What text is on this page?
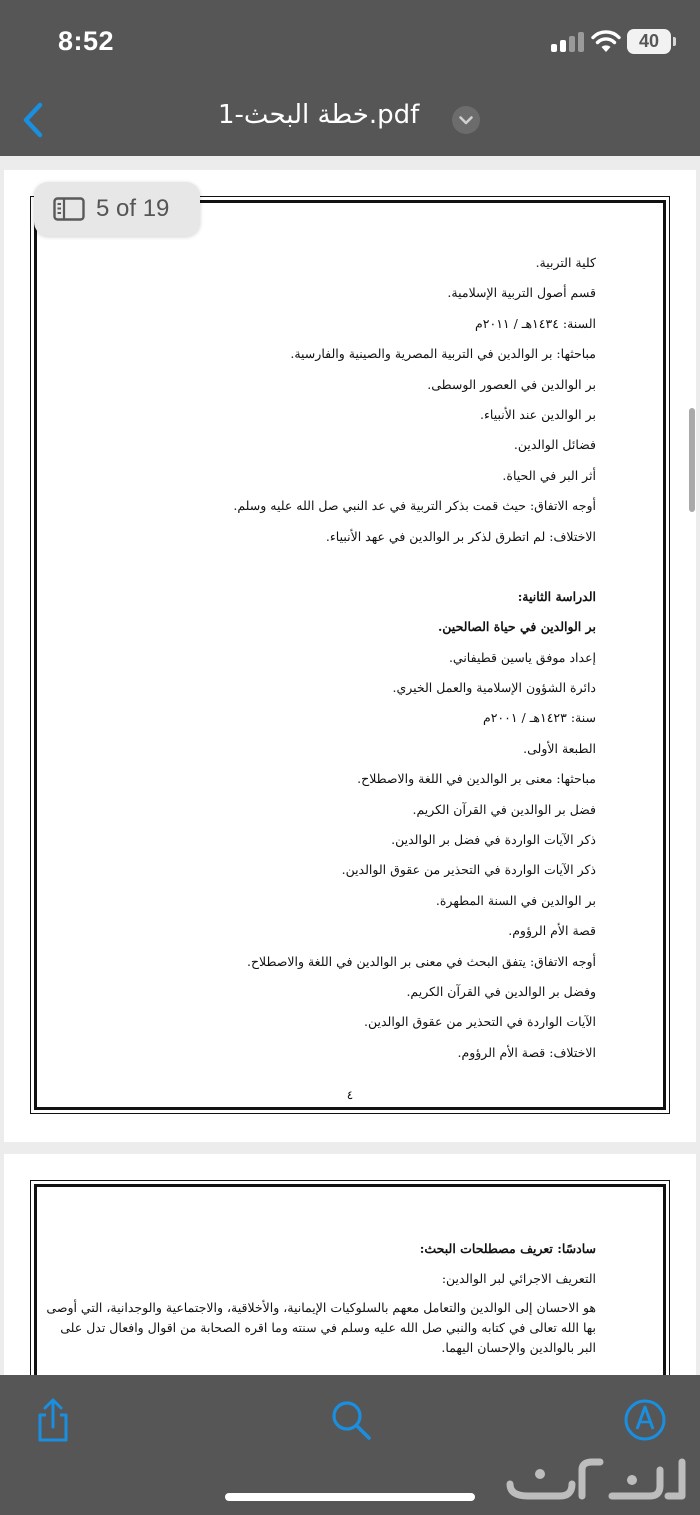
8:52	40
خطة البحث-1.pdf
كلية التربية.
قسم أصول التربية الإسلامية.
السنة: ١٤٣٤هـ / ٢٠١١م
مباحثها: بر الوالدين في التربية المصرية والصينية والفارسية.
بر الوالدين في العصور الوسطى.
بر الوالدين عند الأنبياء.
فضائل الوالدين.
أثر البر في الحياة.
أوجه الاتفاق: حيث قمت بذكر التربية في عد النبي صل الله عليه وسلم.
الاختلاف: لم اتطرق لذكر بر الوالدين في عهد الأنبياء.
الدراسة الثانية:
بر الوالدين في حياة الصالحين.
إعداد موفق ياسين قطيفاني.
دائرة الشؤون الإسلامية والعمل الخيري.
سنة: ١٤٢٣هـ / ٢٠٠١م
الطبعة الأولى.
مباحثها: معنى بر الوالدين في اللغة والاصطلاح.
فضل بر الوالدين في القرآن الكريم.
ذكر الآيات الواردة في فضل بر الوالدين.
ذكر الآيات الواردة في التحذير من عقوق الوالدين.
بر الوالدين في السنة المطهرة.
قصة الأم الرؤوم.
أوجه الاتفاق: يتفق البحث في معنى بر الوالدين في اللغة والاصطلاح.
وفضل بر الوالدين في القرآن الكريم.
الآيات الواردة في التحذير من عقوق الوالدين.
الاختلاف: قصة الأم الرؤوم.
٤
سادسًا: تعريف مصطلحات البحث:
التعريف الاجرائي لبر الوالدين:
هو الاحسان إلى الوالدين والتعامل معهم بالسلوكيات الإيمانية، والأخلاقية، والاجتماعية والوجدانية، التي أوصى بها الله تعالى في كتابه والنبي صل الله عليه وسلم في سنته وما اقره الصحابة من اقوال وافعال تدل على البر بالوالدين والإحسان اليهما.
5 of 19
